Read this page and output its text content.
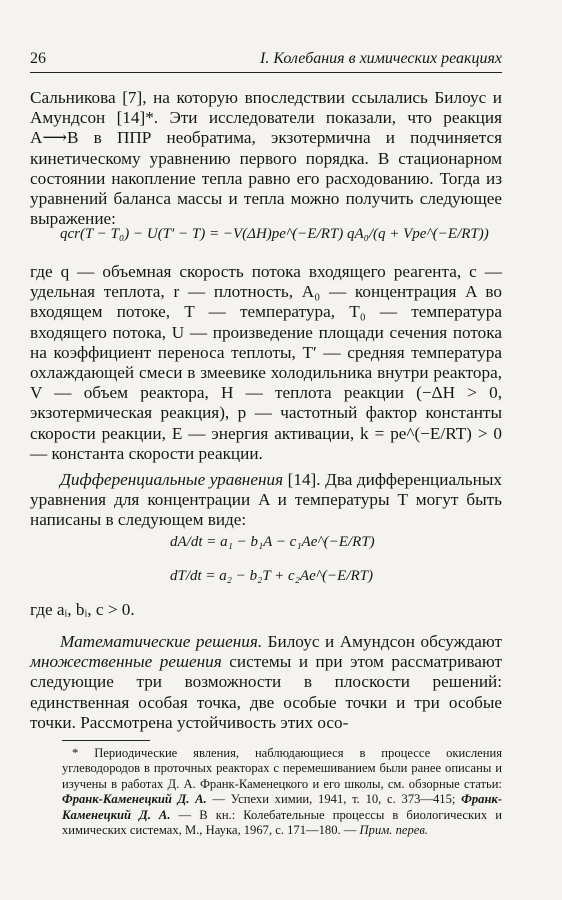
26	I. Колебания в химических реакциях

Сальникова [7], на которую впоследствии ссылались Билоус и Амундсон [14]*. Эти исследователи показали, что реакция A⟶B в ППР необратима, экзотермична и подчиняется кинетическому уравнению первого порядка. В стационарном состоянии накопление тепла равно его расходованию. Тогда из уравнений баланса массы и тепла можно получить следующее выражение:

qcr(T − T₀) − U(T′ − T) = −V(ΔH)pe^(−E/RT) qA₀/(q + Vpe^(−E/RT))

где q — объемная скорость потока входящего реагента, c — удельная теплота, r — плотность, A₀ — концентрация A во входящем потоке, T — температура, T₀ — температура входящего потока, U — произведение площади сечения потока на коэффициент переноса теплоты, T′ — средняя температура охлаждающей смеси в змеевике холодильника внутри реактора, V — объем реактора, H — теплота реакции (−ΔH > 0, экзотермическая реакция), p — частотный фактор константы скорости реакции, E — энергия активации, k = pe^(−E/RT) > 0 — константа скорости реакции.

Дифференциальные уравнения [14]. Два дифференциальных уравнения для концентрации A и температуры T могут быть написаны в следующем виде:

dA/dt = a₁ − b₁A − c₁Ae^(−E/RT)
dT/dt = a₂ − b₂T + c₂Ae^(−E/RT)

где aᵢ, bᵢ, c > 0.

Математические решения. Билоус и Амундсон обсуждают множественные решения системы и при этом рассматривают следующие три возможности в плоскости решений: единственная особая точка, две особые точки и три особые точки. Рассмотрена устойчивость этих осо-

* Периодические явления, наблюдающиеся в процессе окисления углеводородов в проточных реакторах с перемешиванием были ранее описаны и изучены в работах Д. А. Франк-Каменецкого и его школы, см. обзорные статьи: Франк-Каменецкий Д. А. — Успехи химии, 1941, т. 10, с. 373—415; Франк-Каменецкий Д. А. — В кн.: Колебательные процессы в биологических и химических системах, М., Наука, 1967, с. 171—180. — Прим. перев.
